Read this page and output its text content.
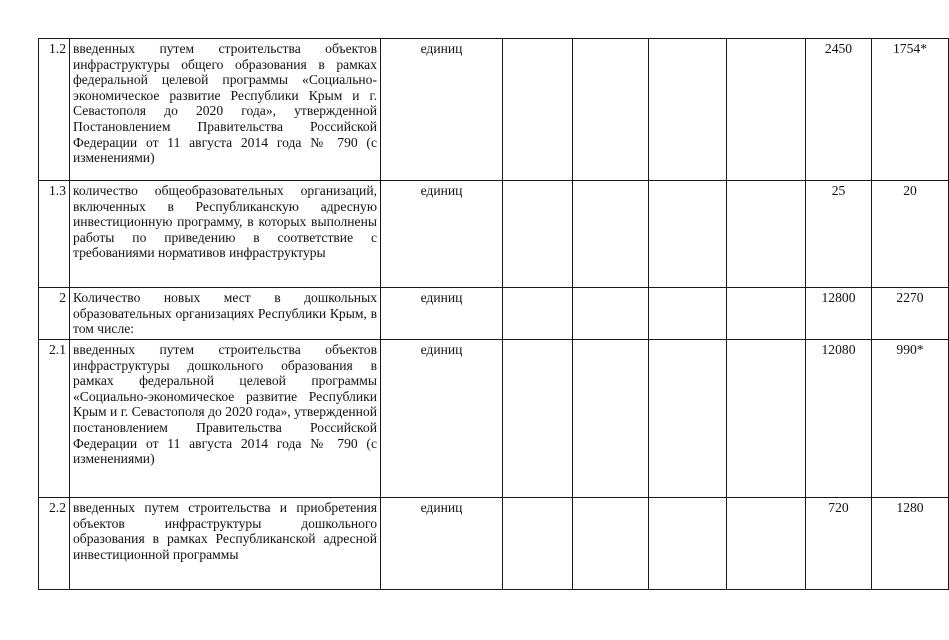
1.2	введенных путем строительства объектов инфраструктуры общего образования в рамках федеральной целевой программы «Социально-экономическое развитие Республики Крым и г. Севастополя до 2020 года», утвержденной Постановлением Правительства Российской Федерации от 11 августа 2014 года № 790 (с изменениями)	единиц					2450	1754*
1.3	количество общеобразовательных организаций, включенных в Республиканскую адресную инвестиционную программу, в которых выполнены работы по приведению в соответствие с требованиями нормативов инфраструктуры	единиц					25	20
2	Количество новых мест в дошкольных образовательных организациях Республики Крым, в том числе:	единиц					12800	2270
2.1	введенных путем строительства объектов инфраструктуры дошкольного образования в рамках федеральной целевой программы «Социально-экономическое развитие Республики Крым и г. Севастополя до 2020 года», утвержденной постановлением Правительства Российской Федерации от 11 августа 2014 года № 790 (с изменениями)	единиц					12080	990*
2.2	введенных путем строительства и приобретения объектов инфраструктуры дошкольного образования в рамках Республиканской адресной инвестиционной программы	единиц					720	1280
